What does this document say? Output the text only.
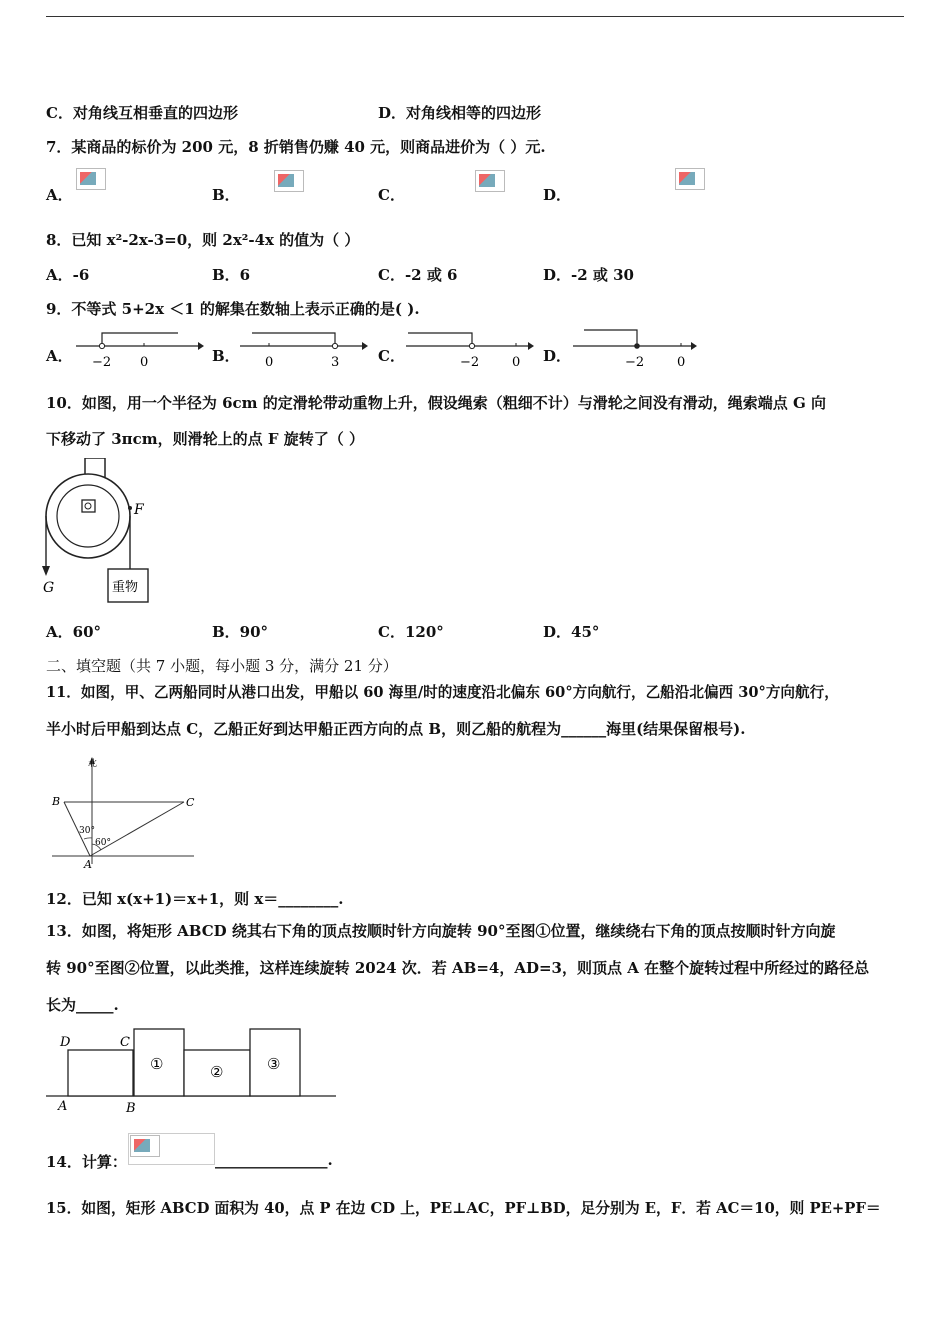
C．对角线互相垂直的四边形	D．对角线相等的四边形
7．某商品的标价为 200 元，8 折销售仍赚 40 元，则商品进价为（ ）元.
A．
	B．
	C．
	D．
8．已知 x²-2x-3=0，则 2x²-4x 的值为（ ）
A．-6	B．6	C．-2 或 6	D．-2 或 30
9．不等式 5+2x ＜1 的解集在数轴上表示正确的是( ).
A．	B．	C．	D．
−2 0	0	3	−2	0	−2	0
10．如图，用一个半径为 6cm 的定滑轮带动重物上升，假设绳索（粗细不计）与滑轮之间没有滑动，绳索端点 G 向
下移动了 3πcm，则滑轮上的点 F 旋转了（ ）
重物
F
G
A．60°	B．90°	C．120°	D．45°
二、填空题（共 7 小题，每小题 3 分，满分 21 分）
11．如图，甲、乙两船同时从港口出发，甲船以 60 海里/时的速度沿北偏东 60°方向航行，乙船沿北偏西 30°方向航行，
半小时后甲船到达点 C，乙船正好到达甲船正西方向的点 B，则乙船的航程为______海里(结果保留根号).
北
30°
60°
B	C
A
12．已知 x(x+1)＝x+1，则 x＝________.
13．如图，将矩形 ABCD 绕其右下角的顶点按顺时针方向旋转 90°至图①位置，继续绕右下角的顶点按顺时针方向旋
转 90°至图②位置，以此类推，这样连续旋转 2024 次．若 AB=4，AD=3，则顶点 A 在整个旋转过程中所经过的路径总
长为_____.
D	C
A	B
①	②	③
14．计算：	_______________.
15．如图，矩形 ABCD 面积为 40，点 P 在边 CD 上，PE⊥AC，PF⊥BD，足分别为 E，F．若 AC＝10，则 PE+PF＝
